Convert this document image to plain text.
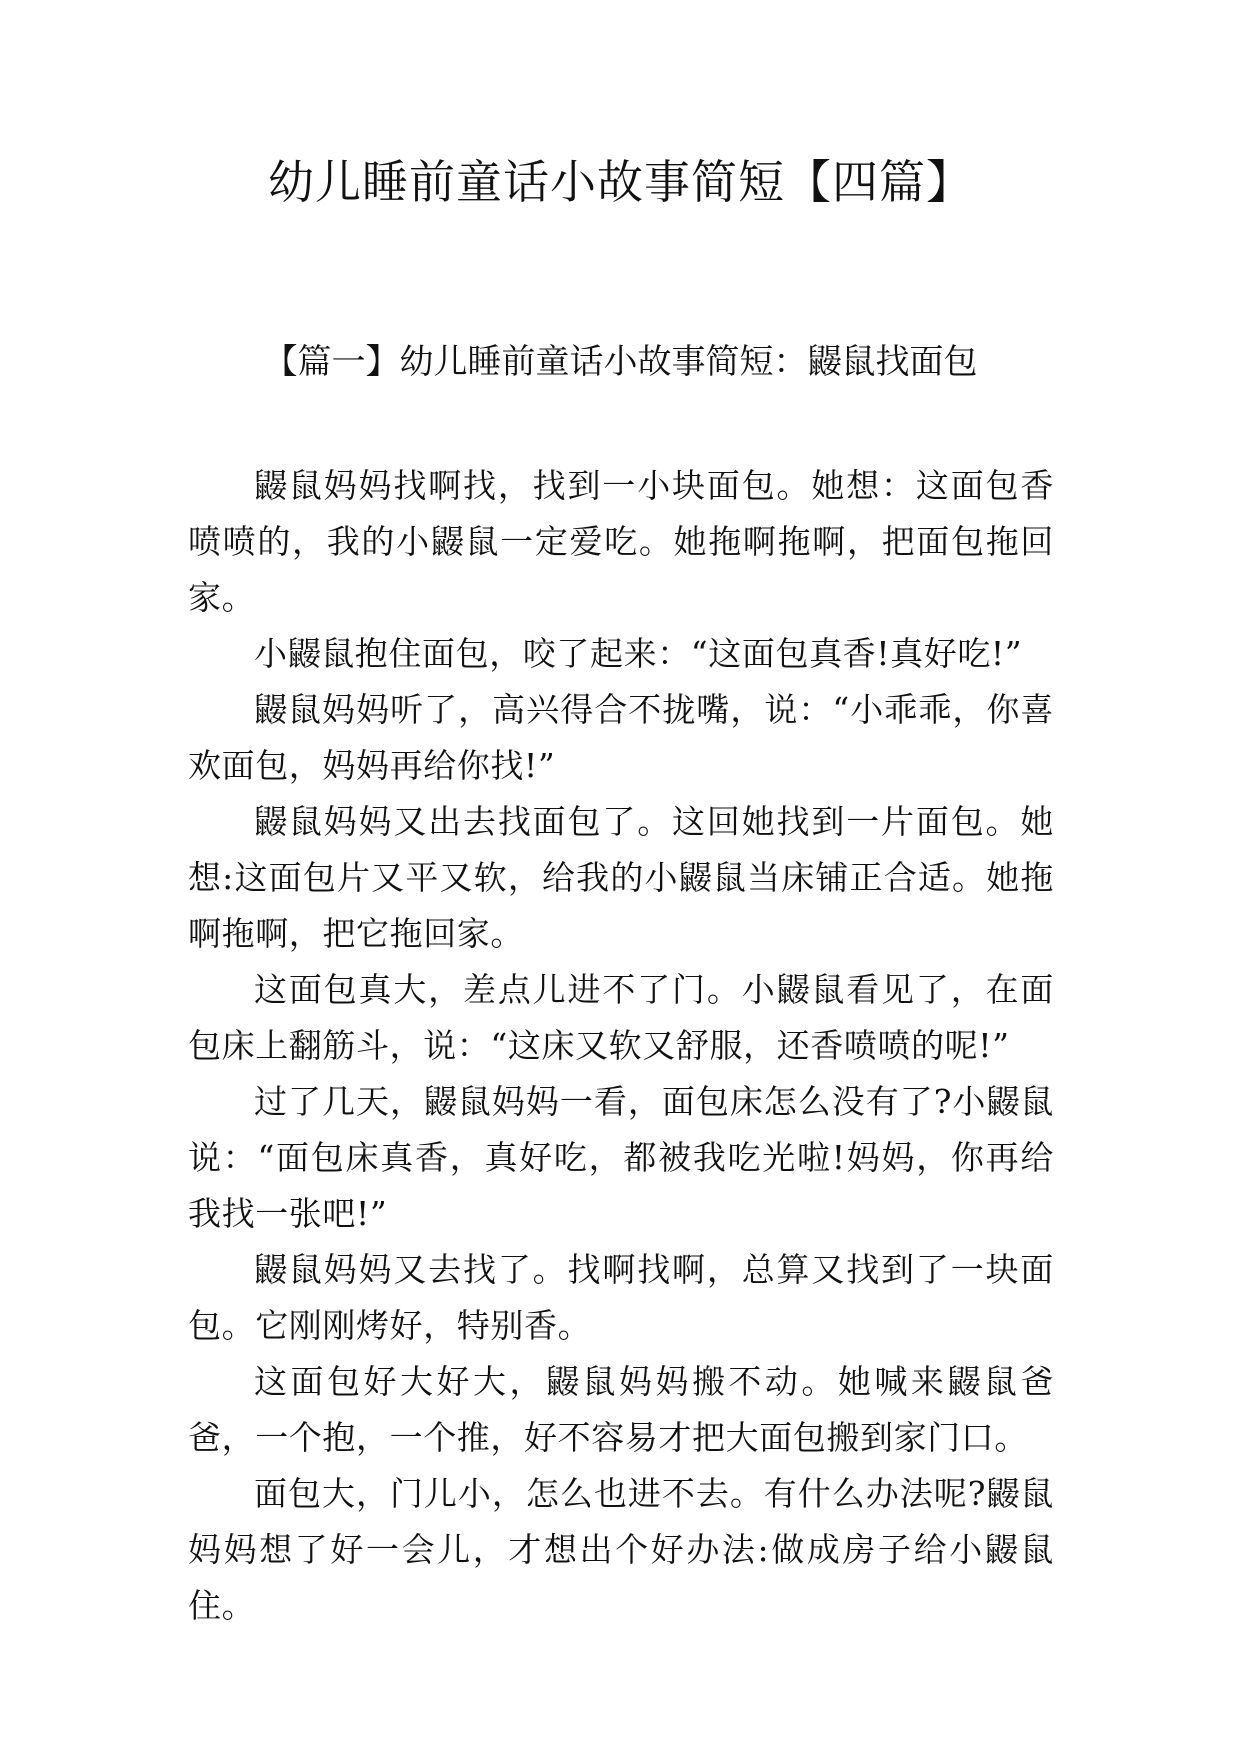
幼儿睡前童话小故事简短【四篇】
【篇一】幼儿睡前童话小故事简短：鼹鼠找面包

鼹鼠妈妈找啊找，找到一小块面包。她想：这面包香喷喷的，我的小鼹鼠一定爱吃。她拖啊拖啊，把面包拖回家。

小鼹鼠抱住面包，咬了起来：“这面包真香!真好吃!”

鼹鼠妈妈听了，高兴得合不拢嘴，说：“小乖乖，你喜欢面包，妈妈再给你找!”

鼹鼠妈妈又出去找面包了。这回她找到一片面包。她想:这面包片又平又软，给我的小鼹鼠当床铺正合适。她拖啊拖啊，把它拖回家。

这面包真大，差点儿进不了门。小鼹鼠看见了，在面包床上翻筋斗，说：“这床又软又舒服，还香喷喷的呢!”

过了几天，鼹鼠妈妈一看，面包床怎么没有了?小鼹鼠说：“面包床真香，真好吃，都被我吃光啦!妈妈，你再给我找一张吧!”

鼹鼠妈妈又去找了。找啊找啊，总算又找到了一块面包。它刚刚烤好，特别香。

这面包好大好大，鼹鼠妈妈搬不动。她喊来鼹鼠爸爸，一个抱，一个推，好不容易才把大面包搬到家门口。

面包大，门儿小，怎么也进不去。有什么办法呢?鼹鼠妈妈想了好一会儿，才想出个好办法:做成房子给小鼹鼠住。
